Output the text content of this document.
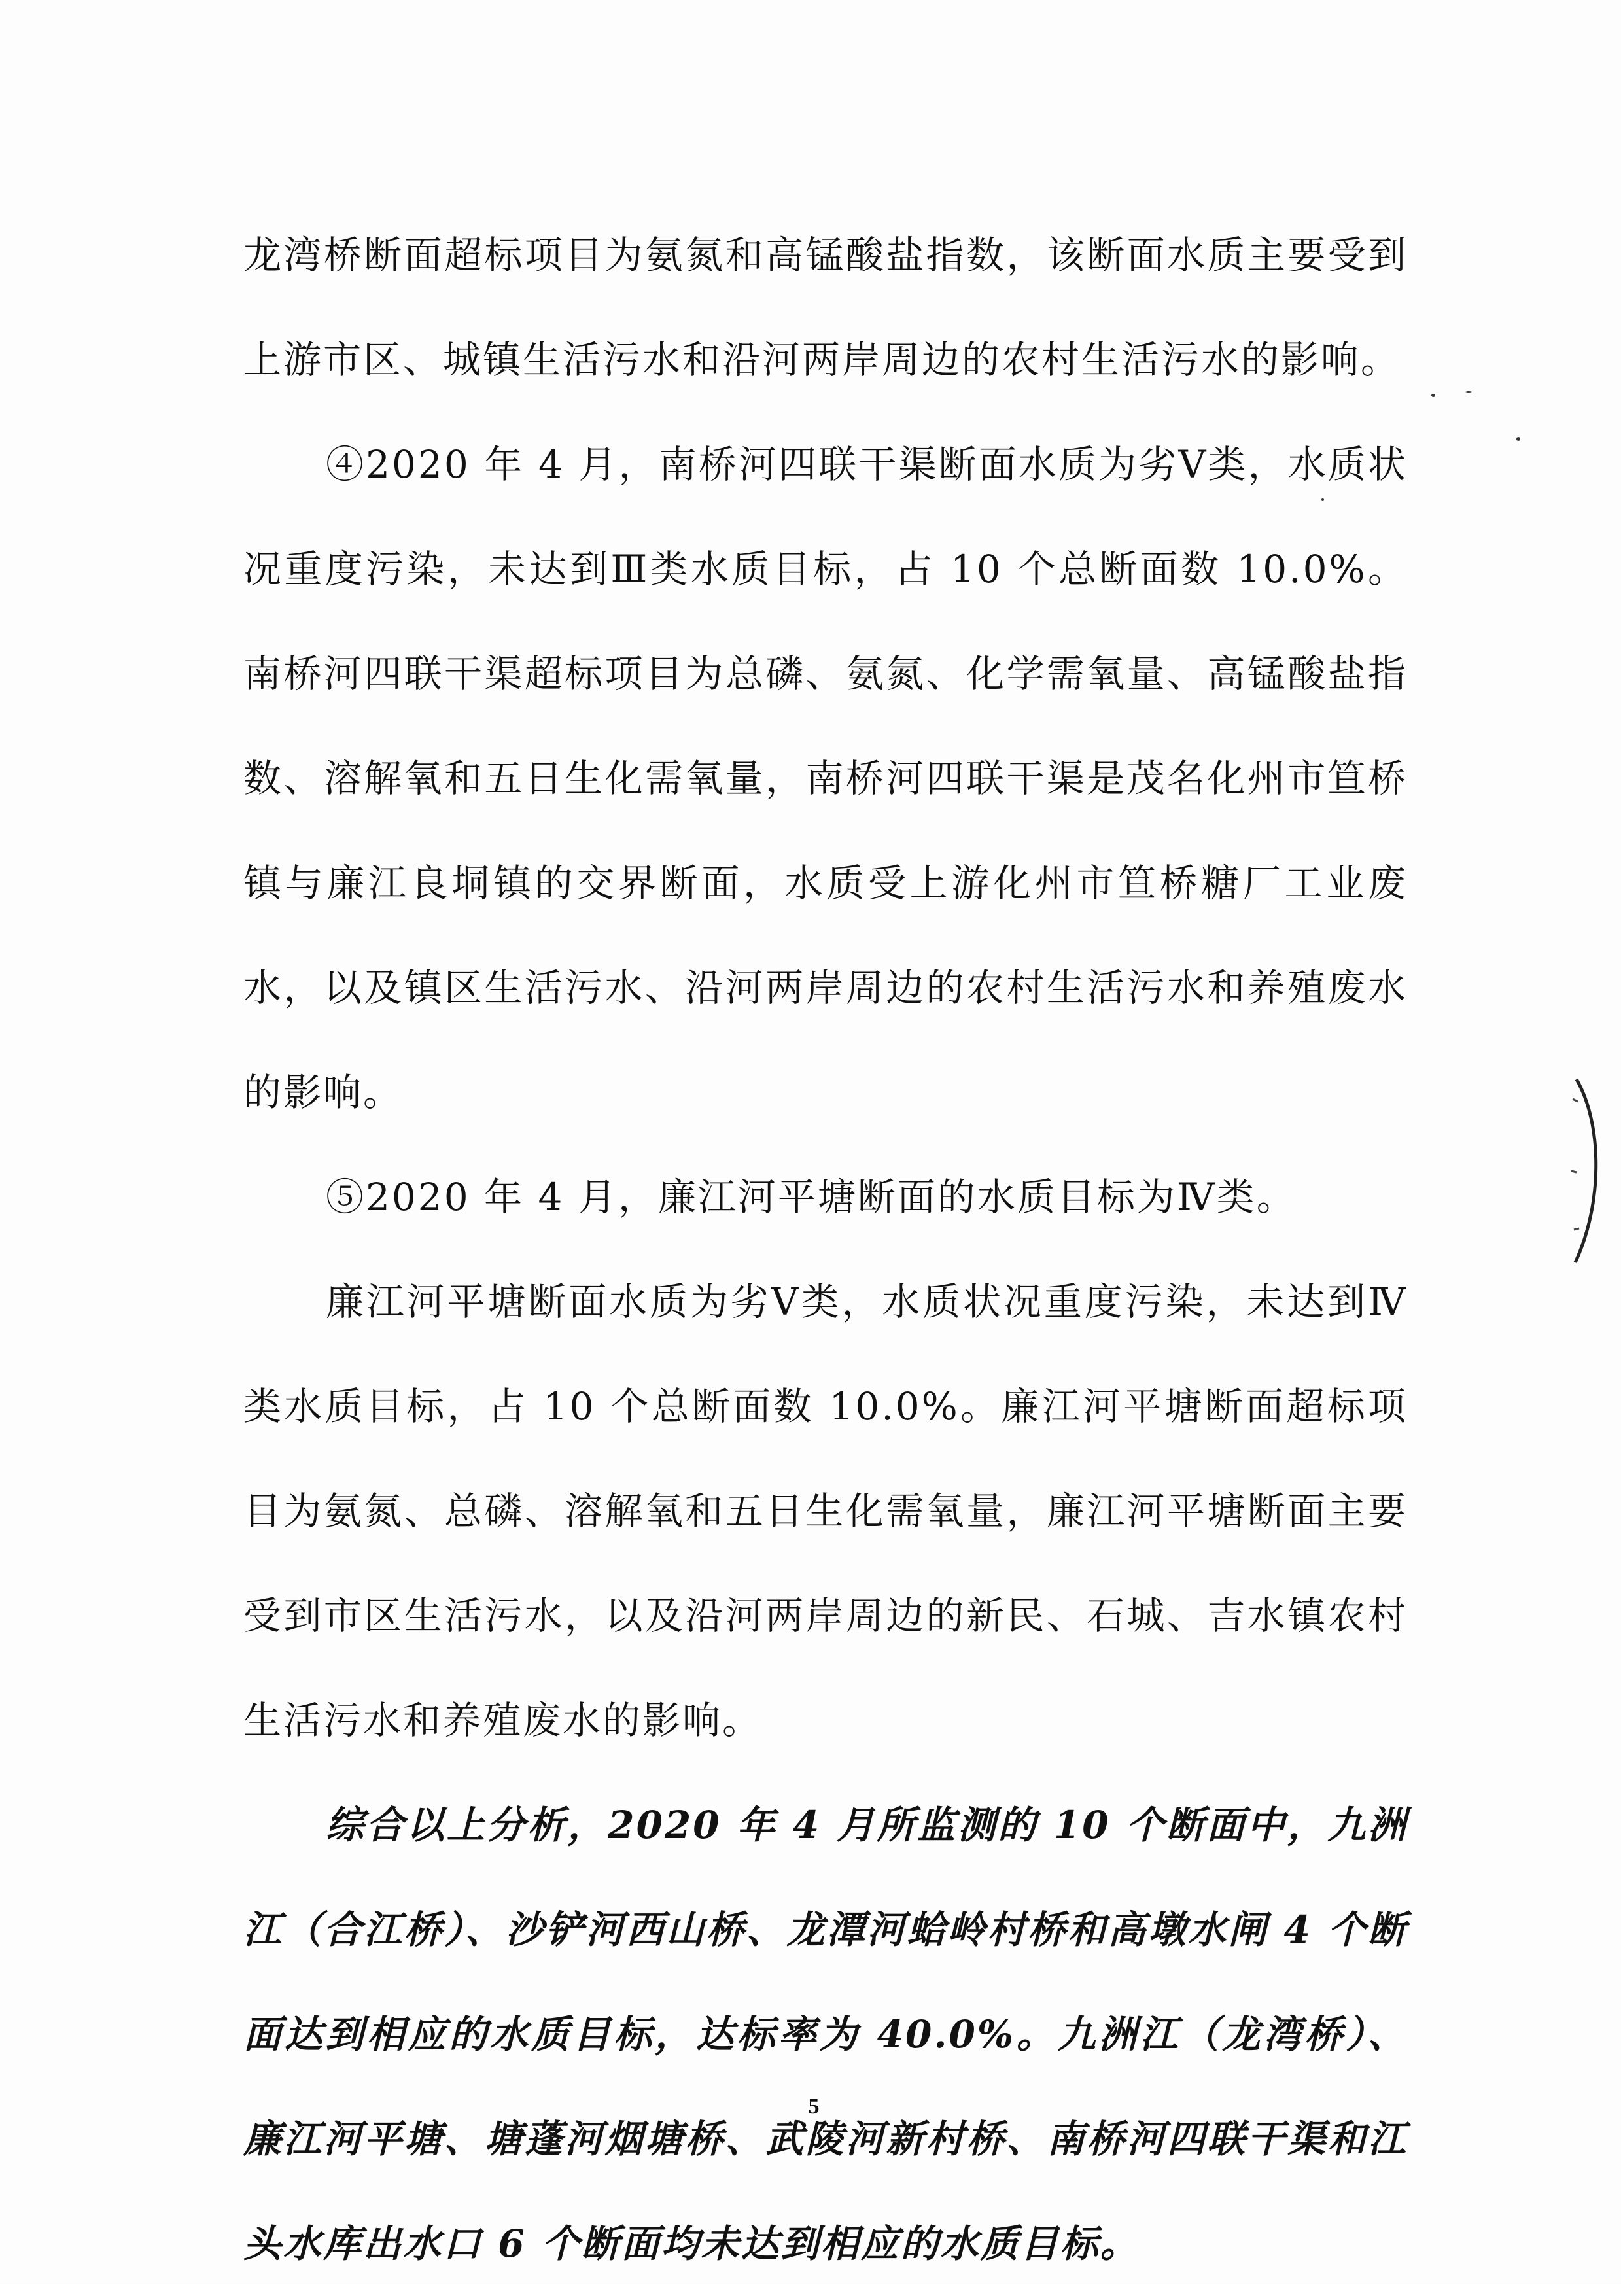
龙湾桥断面超标项目为氨氮和高锰酸盐指数，该断面水质主要受到上游市区、城镇生活污水和沿河两岸周边的农村生活污水的影响。

④2020 年 4 月，南桥河四联干渠断面水质为劣Ⅴ类，水质状况重度污染，未达到Ⅲ类水质目标，占 10 个总断面数 10.0%。南桥河四联干渠超标项目为总磷、氨氮、化学需氧量、高锰酸盐指数、溶解氧和五日生化需氧量，南桥河四联干渠是茂名化州市笪桥镇与廉江良垌镇的交界断面，水质受上游化州市笪桥糖厂工业废水，以及镇区生活污水、沿河两岸周边的农村生活污水和养殖废水的影响。

⑤2020 年 4 月，廉江河平塘断面的水质目标为Ⅳ类。

廉江河平塘断面水质为劣Ⅴ类，水质状况重度污染，未达到Ⅳ类水质目标，占 10 个总断面数 10.0%。廉江河平塘断面超标项目为氨氮、总磷、溶解氧和五日生化需氧量，廉江河平塘断面主要受到市区生活污水，以及沿河两岸周边的新民、石城、吉水镇农村生活污水和养殖废水的影响。

综合以上分析，2020 年 4 月所监测的 10 个断面中，九洲江（合江桥）、沙铲河西山桥、龙潭河蛤岭村桥和高墩水闸 4 个断面达到相应的水质目标，达标率为 40.0%。九洲江（龙湾桥）、廉江河平塘、塘蓬河烟塘桥、武陵河新村桥、南桥河四联干渠和江头水库出水口 6 个断面均未达到相应的水质目标。

5
